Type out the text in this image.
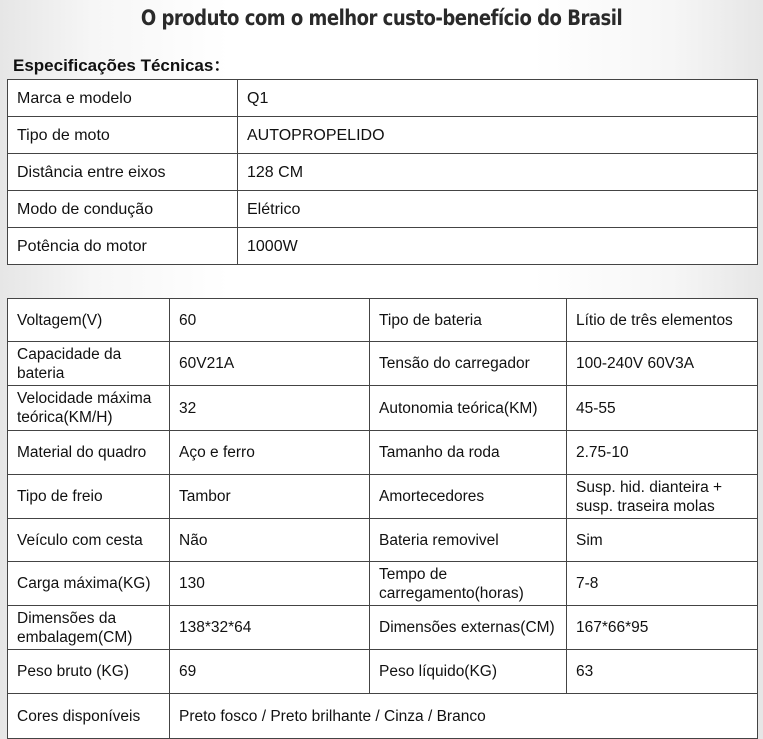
O produto com o melhor custo-benefício do Brasil
Especificações Técnicas：
Marca e modelo	Q1
Tipo de moto	AUTOPROPELIDO
Distância entre eixos	128 CM
Modo de condução	Elétrico
Potência do motor	1000W
Voltagem(V)	60	Tipo de bateria	Lítio de três elementos
Capacidade da bateria	60V21A	Tensão do carregador	100-240V 60V3A
Velocidade máxima teórica(KM/H)	32	Autonomia teórica(KM)	45-55
Material do quadro	Aço e ferro	Tamanho da roda	2.75-10
Tipo de freio	Tambor	Amortecedores	Susp. hid. dianteira + susp. traseira molas
Veículo com cesta	Não	Bateria removivel	Sim
Carga máxima(KG)	130	Tempo de carregamento(horas)	7-8
Dimensões da embalagem(CM)	138*32*64	Dimensões externas(CM)	167*66*95
Peso bruto (KG)	69	Peso líquido(KG)	63
Cores disponíveis	Preto fosco / Preto brilhante / Cinza / Branco		
